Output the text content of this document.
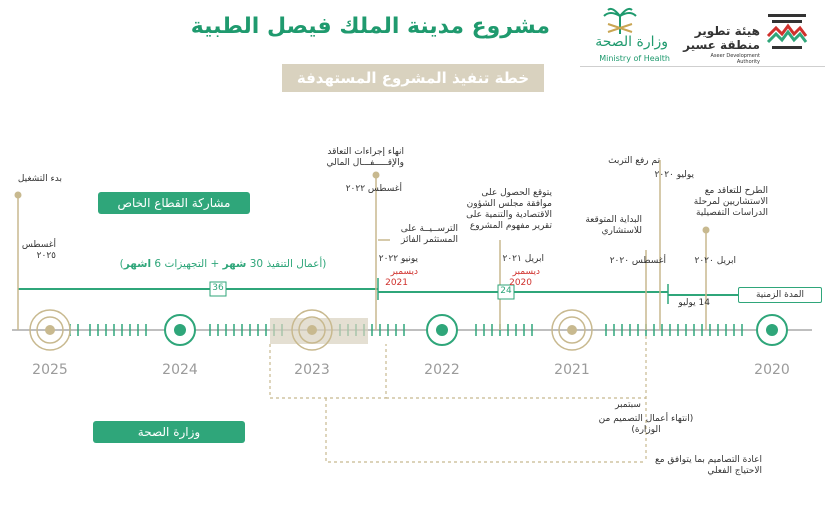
مشروع مدينة الملك فيصل الطبية
وزارة الصحة
Ministry of Health
هيئة تطوير
منطقة عسير
Aseer Development Authority
خطة تنفيذ المشروع المستهدفة
36	24
(أعمال التنفيذ 30 شهر + التجهيزات 6 اشهر)
مشاركة القطاع الخاص
وزارة الصحة
المدة الزمنية
2025	2024	2023	2022	2021	2020
بدء التشغيل
أغسطس ٢٠٢٥
انهاء إجراءات التعاقد والإقـــــفـــال المالي
أغسطس ٢٠٢٢
الترســيــة على المستثمر الفائز
يونيو ٢٠٢٢
ديسمبر
2021
يتوقع الحصول على موافقة مجلس الشؤون الاقتصادية والتنمية على تقرير مفهوم المشروع
ابريل ٢٠٢١
ديسمبر
2020
تم رفع التربث
يوليو ٢٠٢٠
البداية المتوقعة للاستشاري
أغسطس ٢٠٢٠
الطرح للتعاقد مع الاستشاريين لمرحلة الدراسات التفصيلية
ابريل ٢٠٢٠
14 يوليو
سبتمبر
(انتهاء أعمال التصميم من الوزارة)
اعادة التصاميم بما يتوافق مع الاحتياج الفعلي
